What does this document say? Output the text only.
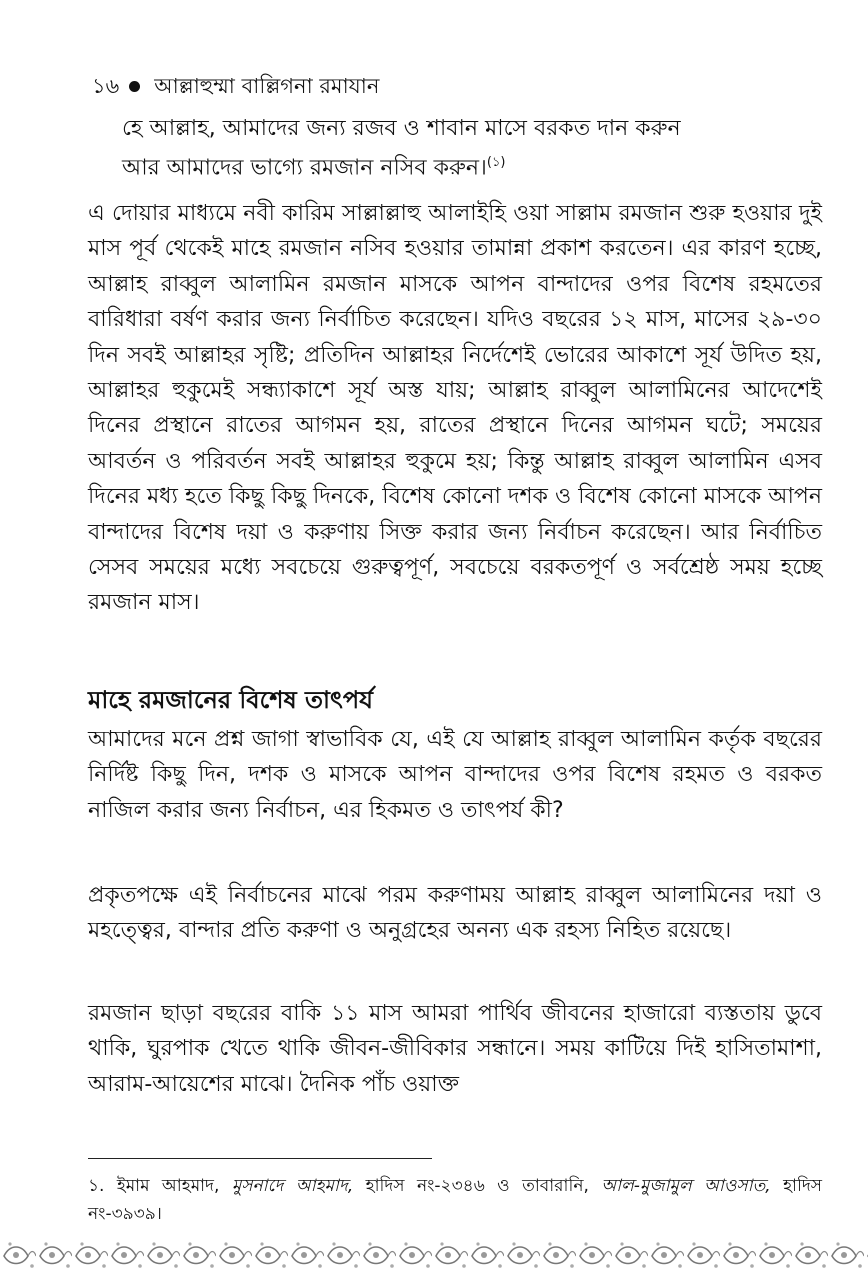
১৬ আল্লাহুম্মা বাল্লিগনা রমাযান
হে আল্লাহ, আমাদের জন্য রজব ও শাবান মাসে বরকত দান করুন
আর আমাদের ভাগ্যে রমজান নসিব করুন।$^{(১)}$

এ দোয়ার মাধ্যমে নবী কারিম সাল্লাল্লাহু আলাইহি ওয়া সাল্লাম রমজান শুরু হওয়ার দুই মাস পূর্ব থেকেই মাহে রমজান নসিব হওয়ার তামান্না প্রকাশ করতেন। এর কারণ হচ্ছে, আল্লাহ রাব্বুল আলামিন রমজান মাসকে আপন বান্দাদের ওপর বিশেষ রহমতের বারিধারা বর্ষণ করার জন্য নির্বাচিত করেছেন। যদিও বছরের ১২ মাস, মাসের ২৯-৩০ দিন সবই আল্লাহর সৃষ্টি; প্রতিদিন আল্লাহর নির্দেশেই ভোরের আকাশে সূর্য উদিত হয়, আল্লাহর হুকুমেই সন্ধ্যাকাশে সূর্য অস্ত যায়; আল্লাহ রাব্বুল আলামিনের আদেশেই দিনের প্রস্থানে রাতের আগমন হয়, রাতের প্রস্থানে দিনের আগমন ঘটে; সময়ের আবর্তন ও পরিবর্তন সবই আল্লাহর হুকুমে হয়; কিন্তু আল্লাহ রাব্বুল আলামিন এসব দিনের মধ্য হতে কিছু কিছু দিনকে, বিশেষ কোনো দশক ও বিশেষ কোনো মাসকে আপন বান্দাদের বিশেষ দয়া ও করুণায় সিক্ত করার জন্য নির্বাচন করেছেন। আর নির্বাচিত সেসব সময়ের মধ্যে সবচেয়ে গুরুত্বপূর্ণ, সবচেয়ে বরকতপূর্ণ ও সর্বশ্রেষ্ঠ সময় হচ্ছে রমজান মাস।

মাহে রমজানের বিশেষ তাৎপর্য

আমাদের মনে প্রশ্ন জাগা স্বাভাবিক যে, এই যে আল্লাহ রাব্বুল আলামিন কর্তৃক বছরের নির্দিষ্ট কিছু দিন, দশক ও মাসকে আপন বান্দাদের ওপর বিশেষ রহমত ও বরকত নাজিল করার জন্য নির্বাচন, এর হিকমত ও তাৎপর্য কী?

প্রকৃতপক্ষে এই নির্বাচনের মাঝে পরম করুণাময় আল্লাহ রাব্বুল আলামিনের দয়া ও মহত্ত্বের, বান্দার প্রতি করুণা ও অনুগ্রহের অনন্য এক রহস্য নিহিত রয়েছে।

রমজান ছাড়া বছরের বাকি ১১ মাস আমরা পার্থিব জীবনের হাজারো ব্যস্ততায় ডুবে থাকি, ঘুরপাক খেতে থাকি জীবন-জীবিকার সন্ধানে। সময় কাটিয়ে দিই হাসিতামাশা, আরাম-আয়েশের মাঝে। দৈনিক পাঁচ ওয়াক্ত

১. ইমাম আহমাদ, মুসনাদে আহমাদ, হাদিস নং-২৩৪৬ ও তাবারানি, আল-মুজামুল আওসাত, হাদিস নং-৩৯৩৯।
